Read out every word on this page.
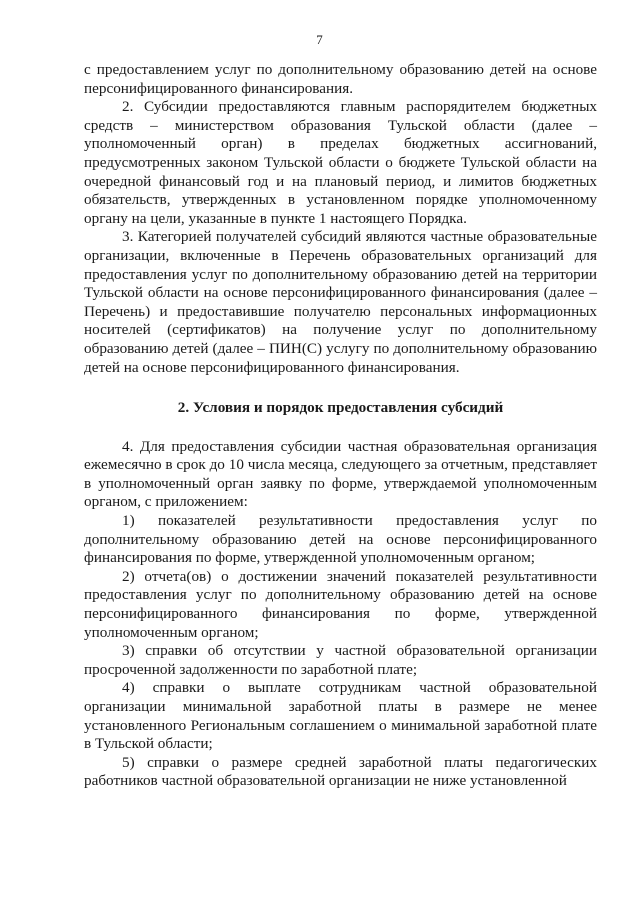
7

с предоставлением услуг по дополнительному образованию детей на основе персонифицированного финансирования.

2. Субсидии предоставляются главным распорядителем бюджетных средств – министерством образования Тульской области (далее – уполномоченный орган) в пределах бюджетных ассигнований, предусмотренных законом Тульской области о бюджете Тульской области на очередной финансовый год и на плановый период, и лимитов бюджетных обязательств, утвержденных в установленном порядке уполномоченному органу на цели, указанные в пункте 1 настоящего Порядка.

3. Категорией получателей субсидий являются частные образовательные организации, включенные в Перечень образовательных организаций для предоставления услуг по дополнительному образованию детей на территории Тульской области на основе персонифицированного финансирования (далее – Перечень) и предоставившие получателю персональных информационных носителей (сертификатов) на получение услуг по дополнительному образованию детей (далее – ПИН(С) услугу по дополнительному образованию детей на основе персонифицированного финансирования.

2. Условия и порядок предоставления субсидий

4. Для предоставления субсидии частная образовательная организация ежемесячно в срок до 10 числа месяца, следующего за отчетным, представляет в уполномоченный орган заявку по форме, утверждаемой уполномоченным органом, с приложением:

1) показателей результативности предоставления услуг по дополнительному образованию детей на основе персонифицированного финансирования по форме, утвержденной уполномоченным органом;

2) отчета(ов) о достижении значений показателей результативности предоставления услуг по дополнительному образованию детей на основе персонифицированного финансирования по форме, утвержденной уполномоченным органом;

3) справки об отсутствии у частной образовательной организации просроченной задолженности по заработной плате;

4) справки о выплате сотрудникам частной образовательной организации минимальной заработной платы в размере не менее установленного Региональным соглашением о минимальной заработной плате в Тульской области;

5) справки о размере средней заработной платы педагогических работников частной образовательной организации не ниже установленной
